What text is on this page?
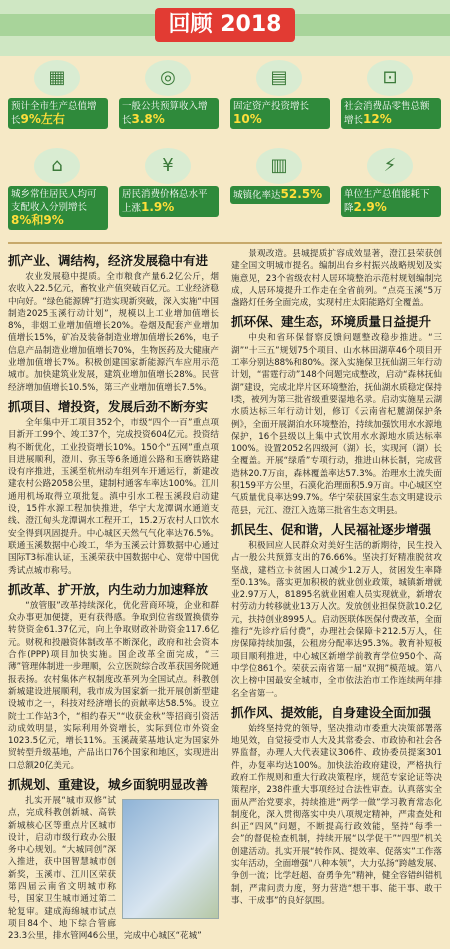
回顾 2018
▦
预计全市生产总值增长9%左右
◎
一般公共预算收入增长3.8%
▤
固定资产投资增长10%
⊡
社会消费品零售总额增长12%
⌂
城乡常住居民人均可支配收入分别增长8%和9%
¥
居民消费价格总水平上涨1.9%
▥
城镇化率达52.5%
⚡
单位生产总值能耗下降2.9%
抓产业、调结构，经济发展稳中有进

农业发展稳中提质。全市粮食产量6.2亿公斤，烟农收入22.5亿元，畜牧业产值突破百亿元。工业经济稳中向好。“绿色能源牌”打造实现新突破，深入实施“中国制造2025玉溪行动计划”，规模以上工业增加值增长8%，非烟工业增加值增长20%。卷烟及配套产业增加值增长15%，矿冶及装备制造业增加值增长26%，电子信息产品制造业增加值增长70%，生物医药及大健康产业增加值增长7%。积极创建国家新能源汽车应用示范城市。加快建筑业发展，建筑业增加值增长28%。民营经济增加值增长10.5%，第三产业增加值增长7.5%。

抓项目、增投资，发展后劲不断夯实

全年集中开工项目352个，市级“四个一百”重点项目新开工99个、竣工37个，完成投资604亿元。投资结构不断优化，工业投资增长10%。150个“五网”重点项目进展顺利，澄川、弥玉等6条通道公路和玉磨铁路建设有序推进，玉溪至杭州动车组列车开通运行，新建改建农村公路2058公里，建制村通客车率达100%。江川通用机场取得立项批复。滇中引水工程玉溪段启动建设，15件水源工程加快推进，华宁大龙潭调水通道支线、澄江甸头龙潭调水工程开工，15.2万农村人口饮水安全得到巩固提升。中心城区天然气气化率达76.5%。联通玉溪数据中心竣工，华为玉溪云计算数据中心通过国际T3标准认证，玉溪荣获中国数据中心、宽带中国优秀试点城市称号。

抓改革、扩开放，内生动力加速释放

“放管服”改革持续深化，优化营商环境，企业和群众办事更加便捷，更有获得感。争取到位省级置换债券转贷资金61.37亿元，向上争取财政补助资金117.6亿元。财税和投融资体制改革不断深化，政府和社会资本合作(PPP)项目加快实施。国企改革全面完成，“三薄”管理体制进一步理顺，公立医院综合改革获国务院通报表扬。农村集体产权制度改革列为全国试点。科教创新城建设进展顺利，我市成为国家新一批开展创新型建设城市之一，科技对经济增长的贡献率达58.5%。设立院士工作站3个，“相约春天”“收获金秋”等招商引资活动成效明显，实际利用外资增长，实际到位市外资金1023.5亿元，增长11%。玉溪蔬菜基地认定为国家外贸转型升级基地，产品出口76个国家和地区，实现进出口总额20亿美元。

抓规划、重建设，城乡面貌明显改善

扎实开展“城市双修”试点，完成科教创新城、高铁新城核心区等重点片区城市设计，启动市级行政办公服务中心规划。“大城同创”深入推进，获中国智慧城市创新奖，玉溪市、江川区荣获第四届云南省文明城市称号，国家卫生城市通过第二轮复审。建成海绵城市试点项目84个、地下综合管廊23.3公里，排水管网46公里，完成中心城区“花城”

景观改造。县城提质扩容成效显著，澄江县荣获创建全国文明城市提名。编制出台乡村振兴战略规划及实施意见，23个省级农村人居环境整治示范村规划编制完成，人居环境提升工作走在全省前列。“点亮玉溪”5万盏路灯任务全面完成，实现村庄太阳能路灯全覆盖。

抓环保、建生态，环境质量日益提升

中央和省环保督察反馈问题整改稳步推进。“三湖”“十三五”规划75个项目、山水林田湖草46个项目开工率分别达88%和80%。深入实施保卫抚仙湖三年行动计划，“雷霆行动”148个问题完成整改，启动“森林抚仙湖”建设，完成北岸片区环境整治，抚仙湖水质稳定保持Ⅰ类，被列为第三批省级重要湿地名录。启动实施星云湖水质达标三年行动计划，修订《云南省杞麓湖保护条例》，全面开展湖泊水环境整治，持续加强饮用水水源地保护，16个县级以上集中式饮用水水源地水质达标率100%。设置2052名四级河（湖）长，实现河（湖）长全覆盖。开展“绿盾”专项行动，推进山林长制，完成营造林20.7万亩，森林覆盖率达57.3%。治理水土流失面积159平方公里，石漠化治理面积5.9万亩。中心城区空气质量优良率达99.7%。华宁荣获国家生态文明建设示范县，元江、澄江入选第三批省生态文明县。

抓民生、促和谐，人民福祉逐步增强

积极回应人民群众对美好生活的新期待，民生投入占一般公共预算支出的76.66%。坚决打好精准脱贫攻坚战，建档立卡贫困人口减少1.2万人，贫困发生率降至0.13%。落实更加积极的就业创业政策，城镇新增就业2.97万人，81895名就业困难人员实现就业，新增农村劳动力转移就业13万人次。发放创业担保贷款10.2亿元，扶持创业8995人。启动医联体医保付费改革，全面推行“先诊疗后付费”，办理社会保障卡212.5万人，住房保障持续加强，公租房分配率达95.3%。教育补短板项目顺利推进，中心城区新增学前教育学位950个、高中学位861个。荣获云南省第一届“双拥”模范城。第八次上榜中国最安全城市，全市依法治市工作连续两年排名全省第一。

抓作风、提效能，自身建设全面加强

始终坚持党的领导，坚决推动市委重大决策部署落地见效，自觉接受市人大及其常委会、市政协和社会各界监督，办理人大代表建议306件、政协委员提案301件，办复率均达100%。加快法治政府建设，严格执行政府工作规则和重大行政决策程序，规范专家论证等决策程序，238件重大事项经过合法性审查。认真落实全面从严治党要求，持续推进“两学一做”学习教育常态化制度化，深入贯彻落实中央八项规定精神，严肃查处和纠正“四风”问题，不断提高行政效能，坚持“每季一会”的督促检查机制，持续开展“以学促干”“四型”机关创建活动。扎实开展“转作风、提效率、促落实”工作落实年活动，全面增强“八种本领”，大力弘扬“跨越发展、争创一流；比学赶超、奋勇争先”精神，健全容错纠错机制，严肃问责力度，努力营造“想干事、能干事、敢干事、干成事”的良好氛围。
